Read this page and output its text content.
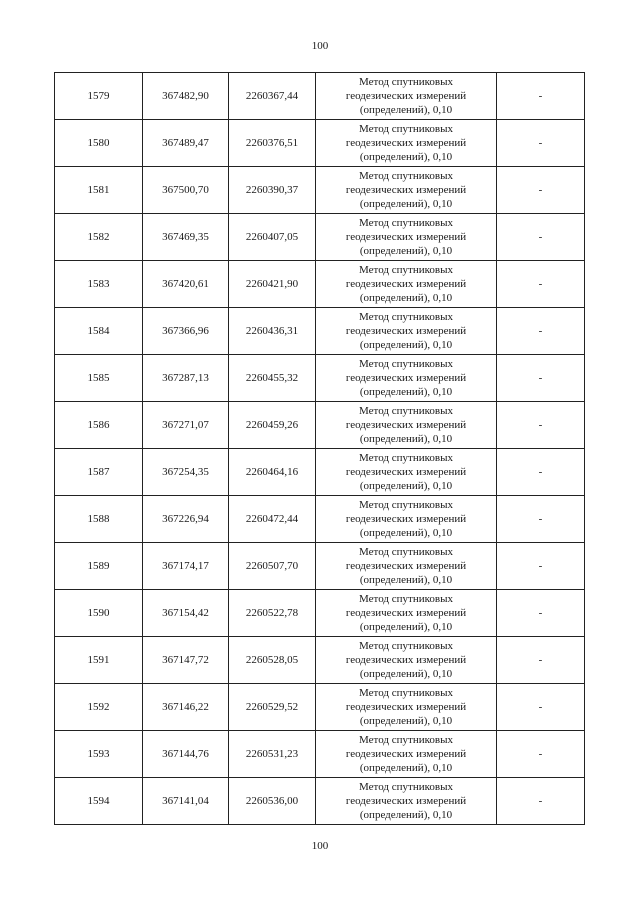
100
1579	367482,90	2260367,44	Метод спутниковых
геодезических измерений
(определений), 0,10	-
1580	367489,47	2260376,51	Метод спутниковых
геодезических измерений
(определений), 0,10	-
1581	367500,70	2260390,37	Метод спутниковых
геодезических измерений
(определений), 0,10	-
1582	367469,35	2260407,05	Метод спутниковых
геодезических измерений
(определений), 0,10	-
1583	367420,61	2260421,90	Метод спутниковых
геодезических измерений
(определений), 0,10	-
1584	367366,96	2260436,31	Метод спутниковых
геодезических измерений
(определений), 0,10	-
1585	367287,13	2260455,32	Метод спутниковых
геодезических измерений
(определений), 0,10	-
1586	367271,07	2260459,26	Метод спутниковых
геодезических измерений
(определений), 0,10	-
1587	367254,35	2260464,16	Метод спутниковых
геодезических измерений
(определений), 0,10	-
1588	367226,94	2260472,44	Метод спутниковых
геодезических измерений
(определений), 0,10	-
1589	367174,17	2260507,70	Метод спутниковых
геодезических измерений
(определений), 0,10	-
1590	367154,42	2260522,78	Метод спутниковых
геодезических измерений
(определений), 0,10	-
1591	367147,72	2260528,05	Метод спутниковых
геодезических измерений
(определений), 0,10	-
1592	367146,22	2260529,52	Метод спутниковых
геодезических измерений
(определений), 0,10	-
1593	367144,76	2260531,23	Метод спутниковых
геодезических измерений
(определений), 0,10	-
1594	367141,04	2260536,00	Метод спутниковых
геодезических измерений
(определений), 0,10	-
100
